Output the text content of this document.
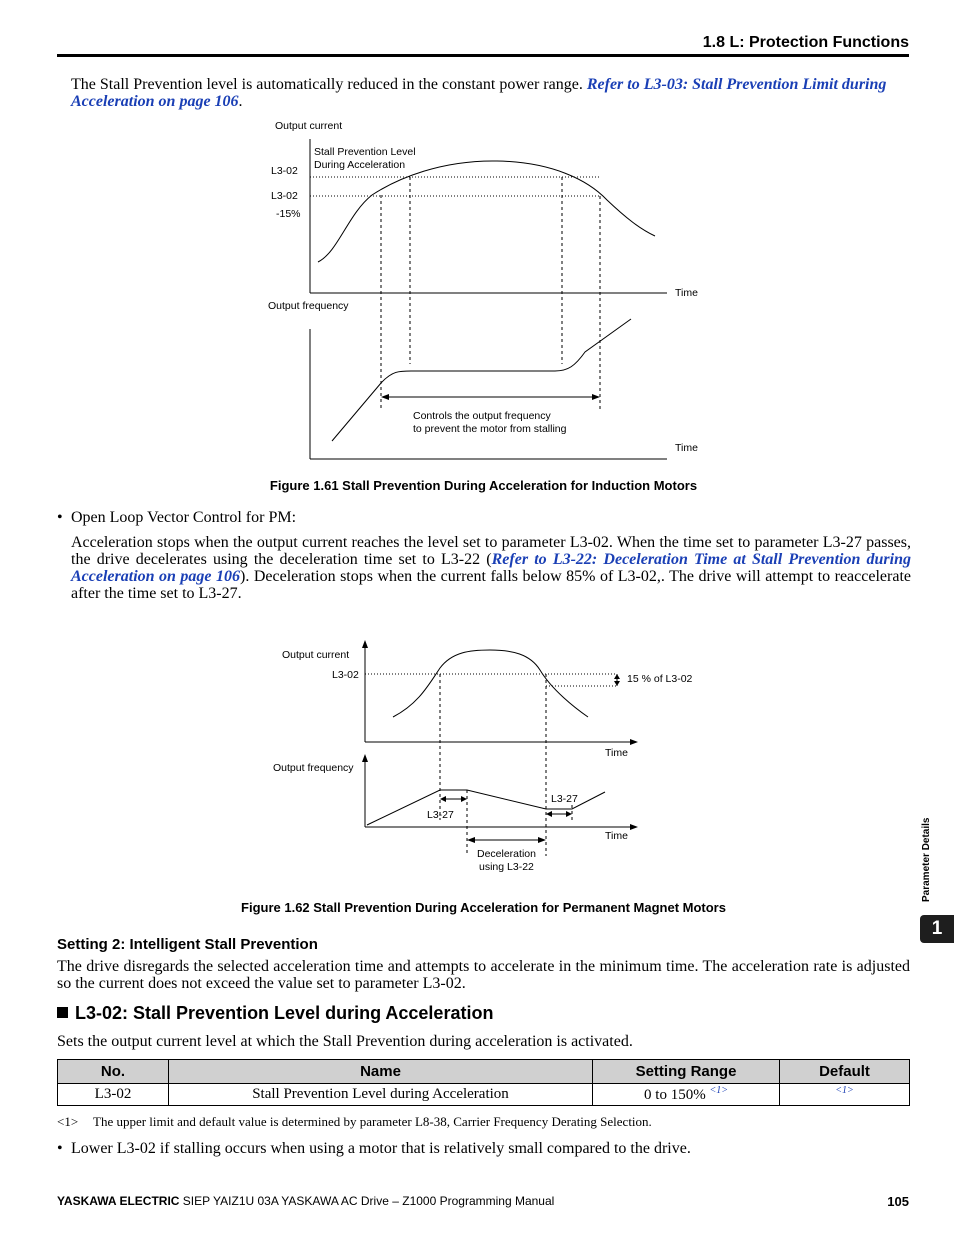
1.8 L: Protection Functions
The Stall Prevention level is automatically reduced in the constant power range. Refer to L3-03: Stall Prevention Limit during Acceleration on page 106.
Output current
Stall Prevention Level
During Acceleration
L3-02
L3-02
-15%
Time
Output frequency
Controls the output frequency
to prevent the motor from stalling
Time
Figure 1.61 Stall Prevention During Acceleration for Induction Motors
• Open Loop Vector Control for PM:
Acceleration stops when the output current reaches the level set to parameter L3-02. When the time set to parameter L3-27 passes, the drive decelerates using the deceleration time set to L3-22 (Refer to L3-22: Deceleration Time at Stall Prevention during Acceleration on page 106). Deceleration stops when the current falls below 85% of L3-02,. The drive will attempt to reaccelerate after the time set to L3-27.
Output current
L3-02	15 % of L3-02
Time
Output frequency
L3-27
L3-27
Time
Deceleration
using L3-22
Figure 1.62 Stall Prevention During Acceleration for Permanent Magnet Motors
Setting 2: Intelligent Stall Prevention
The drive disregards the selected acceleration time and attempts to accelerate in the minimum time. The acceleration rate is adjusted so the current does not exceed the value set to parameter L3-02.
L3-02: Stall Prevention Level during Acceleration
Sets the output current level at which the Stall Prevention during acceleration is activated.
No.	Name	Setting Range	Default
L3-02	Stall Prevention Level during Acceleration	0 to 150% $^{<1>}$	$^{<1>}$
<1> The upper limit and default value is determined by parameter L8-38, Carrier Frequency Derating Selection.
• Lower L3-02 if stalling occurs when using a motor that is relatively small compared to the drive.
YASKAWA ELECTRIC SIEP YAIZ1U 03A YASKAWA AC Drive – Z1000 Programming Manual	105
Parameter Details
1
